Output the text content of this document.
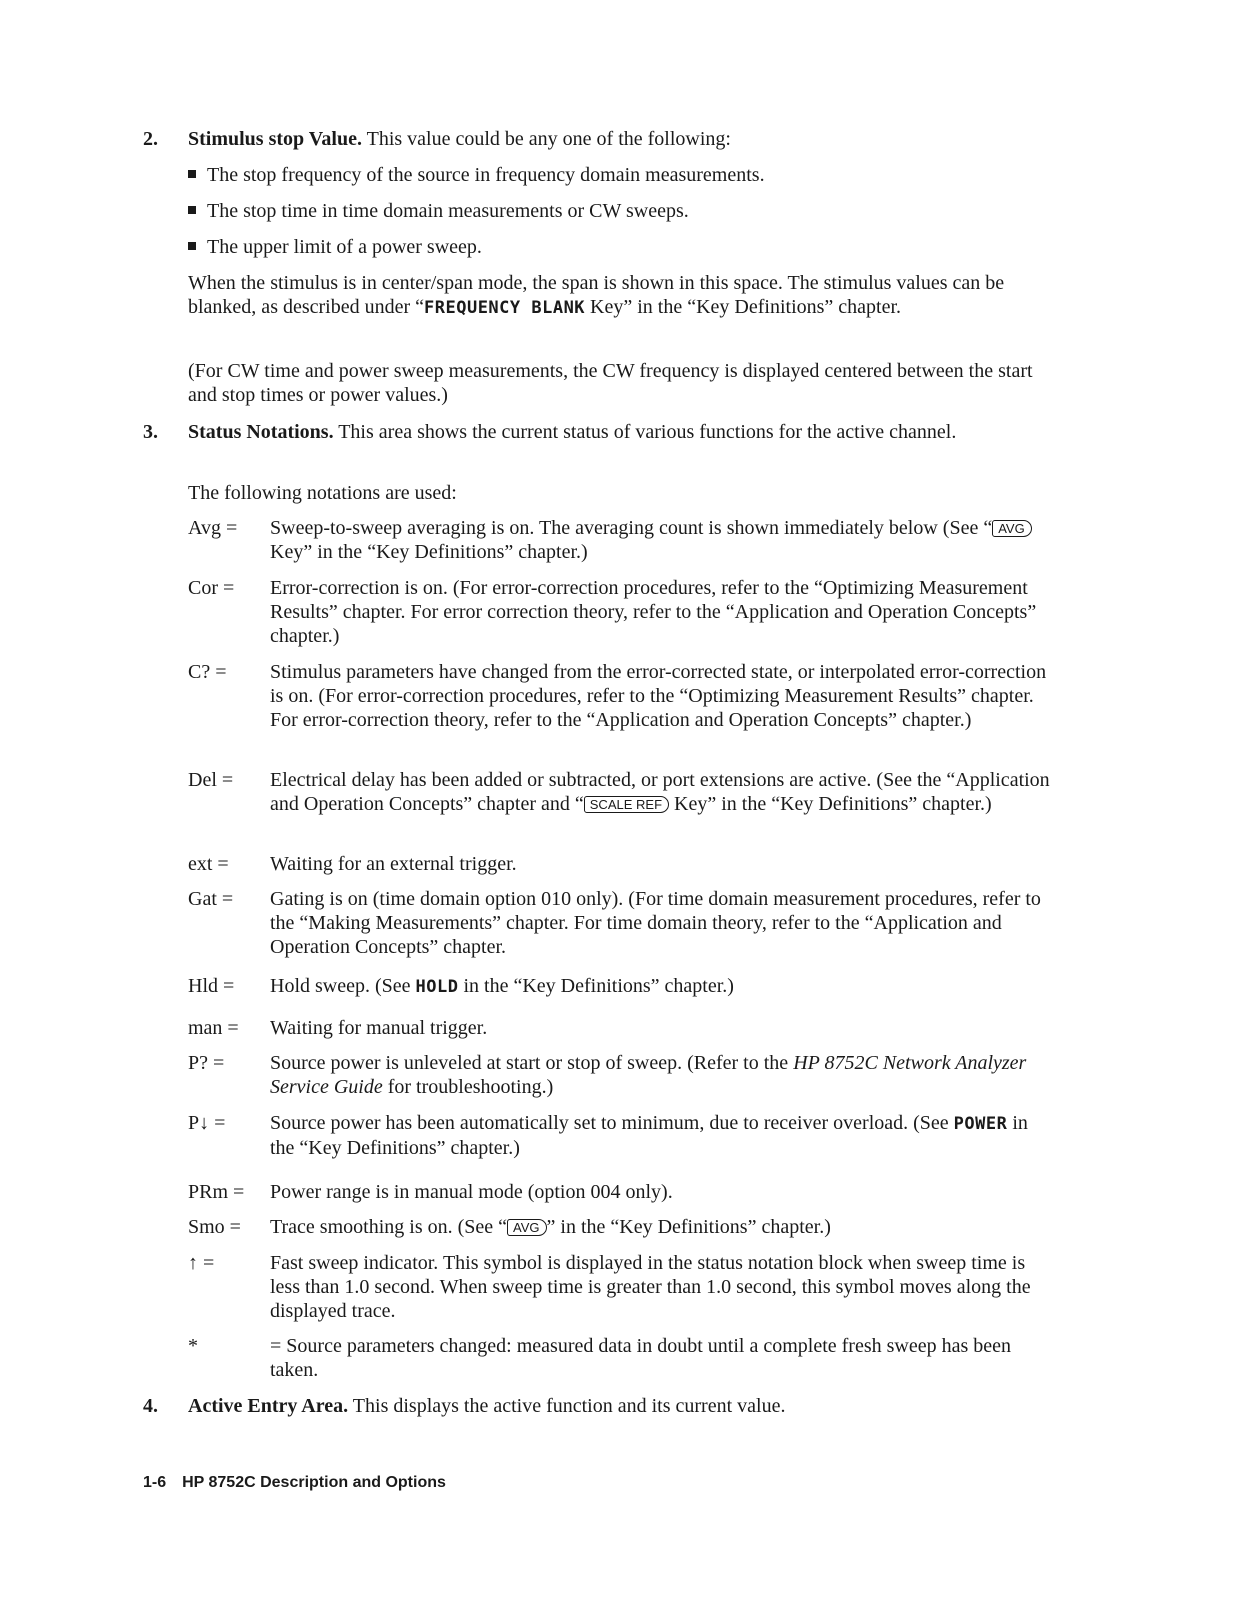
2. Stimulus stop Value. This value could be any one of the following:
The stop frequency of the source in frequency domain measurements.
The stop time in time domain measurements or CW sweeps.
The upper limit of a power sweep.
When the stimulus is in center/span mode, the span is shown in this space. The stimulus values can be blanked, as described under “FREQUENCY BLANK Key” in the “Key Definitions” chapter.
(For CW time and power sweep measurements, the CW frequency is displayed centered between the start and stop times or power values.)
3. Status Notations. This area shows the current status of various functions for the active channel.
The following notations are used:
Avg =	Sweep-to-sweep averaging is on. The averaging count is shown immediately below (See “ AVG Key” in the “Key Definitions” chapter.)
Cor =	Error-correction is on. (For error-correction procedures, refer to the “Optimizing Measurement Results” chapter. For error correction theory, refer to the “Application and Operation Concepts” chapter.)
C? =	Stimulus parameters have changed from the error-corrected state, or interpolated error-correction is on. (For error-correction procedures, refer to the “Optimizing Measurement Results” chapter. For error-correction theory, refer to the “Application and Operation Concepts” chapter.)
Del =	Electrical delay has been added or subtracted, or port extensions are active. (See the “Application and Operation Concepts” chapter and “ SCALE REF Key” in the “Key Definitions” chapter.)
ext =	Waiting for an external trigger.
Gat =	Gating is on (time domain option 010 only). (For time domain measurement procedures, refer to the “Making Measurements” chapter. For time domain theory, refer to the “Application and Operation Concepts” chapter.
Hld =	Hold sweep. (See HOLD in the “Key Definitions” chapter.)
man =	Waiting for manual trigger.
P? =	Source power is unleveled at start or stop of sweep. (Refer to the HP 8752C Network Analyzer Service Guide for troubleshooting.)
P↓ =	Source power has been automatically set to minimum, due to receiver overload. (See POWER in the “Key Definitions” chapter.)
PRm =	Power range is in manual mode (option 004 only).
Smo =	Trace smoothing is on. (See “ AVG ” in the “Key Definitions” chapter.)
↑ =	Fast sweep indicator. This symbol is displayed in the status notation block when sweep time is less than 1.0 second. When sweep time is greater than 1.0 second, this symbol moves along the displayed trace.
*	= Source parameters changed: measured data in doubt until a complete fresh sweep has been taken.
4. Active Entry Area. This displays the active function and its current value.
1-6 HP 8752C Description and Options
